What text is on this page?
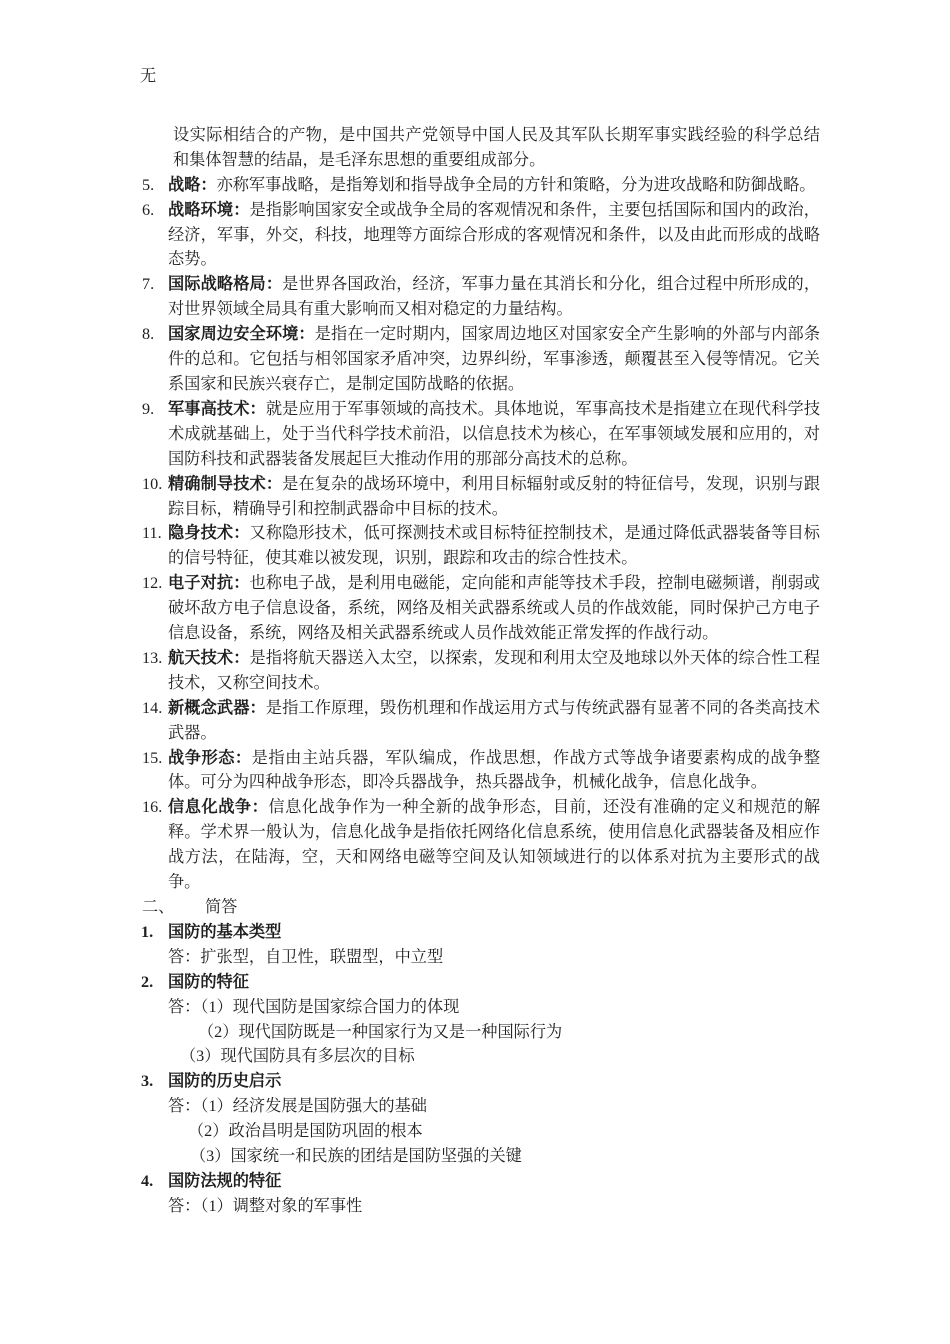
无

设实际相结合的产物，是中国共产党领导中国人民及其军队长期军事实践经验的科学总结和集体智慧的结晶，是毛泽东思想的重要组成部分。

5. 战略：亦称军事战略，是指筹划和指导战争全局的方针和策略，分为进攻战略和防御战略。

6. 战略环境：是指影响国家安全或战争全局的客观情况和条件，主要包括国际和国内的政治，经济，军事，外交，科技，地理等方面综合形成的客观情况和条件，以及由此而形成的战略态势。

7. 国际战略格局：是世界各国政治，经济，军事力量在其消长和分化，组合过程中所形成的，对世界领域全局具有重大影响而又相对稳定的力量结构。

8. 国家周边安全环境：是指在一定时期内，国家周边地区对国家安全产生影响的外部与内部条件的总和。它包括与相邻国家矛盾冲突，边界纠纷，军事渗透，颠覆甚至入侵等情况。它关系国家和民族兴衰存亡，是制定国防战略的依据。

9. 军事高技术：就是应用于军事领域的高技术。具体地说，军事高技术是指建立在现代科学技术成就基础上，处于当代科学技术前沿，以信息技术为核心，在军事领域发展和应用的，对国防科技和武器装备发展起巨大推动作用的那部分高技术的总称。

10. 精确制导技术：是在复杂的战场环境中，利用目标辐射或反射的特征信号，发现，识别与跟踪目标，精确导引和控制武器命中目标的技术。

11. 隐身技术：又称隐形技术，低可探测技术或目标特征控制技术，是通过降低武器装备等目标的信号特征，使其难以被发现，识别，跟踪和攻击的综合性技术。

12. 电子对抗：也称电子战，是利用电磁能，定向能和声能等技术手段，控制电磁频谱，削弱或破坏敌方电子信息设备，系统，网络及相关武器系统或人员的作战效能，同时保护己方电子信息设备，系统，网络及相关武器系统或人员作战效能正常发挥的作战行动。

13. 航天技术：是指将航天器送入太空，以探索，发现和利用太空及地球以外天体的综合性工程技术，又称空间技术。

14. 新概念武器：是指工作原理，毁伤机理和作战运用方式与传统武器有显著不同的各类高技术武器。

15. 战争形态：是指由主站兵器，军队编成，作战思想，作战方式等战争诸要素构成的战争整体。可分为四种战争形态，即冷兵器战争，热兵器战争，机械化战争，信息化战争。

16. 信息化战争：信息化战争作为一种全新的战争形态，目前，还没有准确的定义和规范的解释。学术界一般认为，信息化战争是指依托网络化信息系统，使用信息化武器装备及相应作战方法，在陆海，空，天和网络电磁等空间及认知领域进行的以体系对抗为主要形式的战争。

二、	简答
1. 国防的基本类型

答：扩张型，自卫性，联盟型，中立型

2. 国防的特征

答：（1）现代国防是国家综合国力的体现

（2）现代国防既是一种国家行为又是一种国际行为

（3）现代国防具有多层次的目标

3. 国防的历史启示

答：（1）经济发展是国防强大的基础

（2）政治昌明是国防巩固的根本

（3）国家统一和民族的团结是国防坚强的关键

4. 国防法规的特征

答：（1）调整对象的军事性
